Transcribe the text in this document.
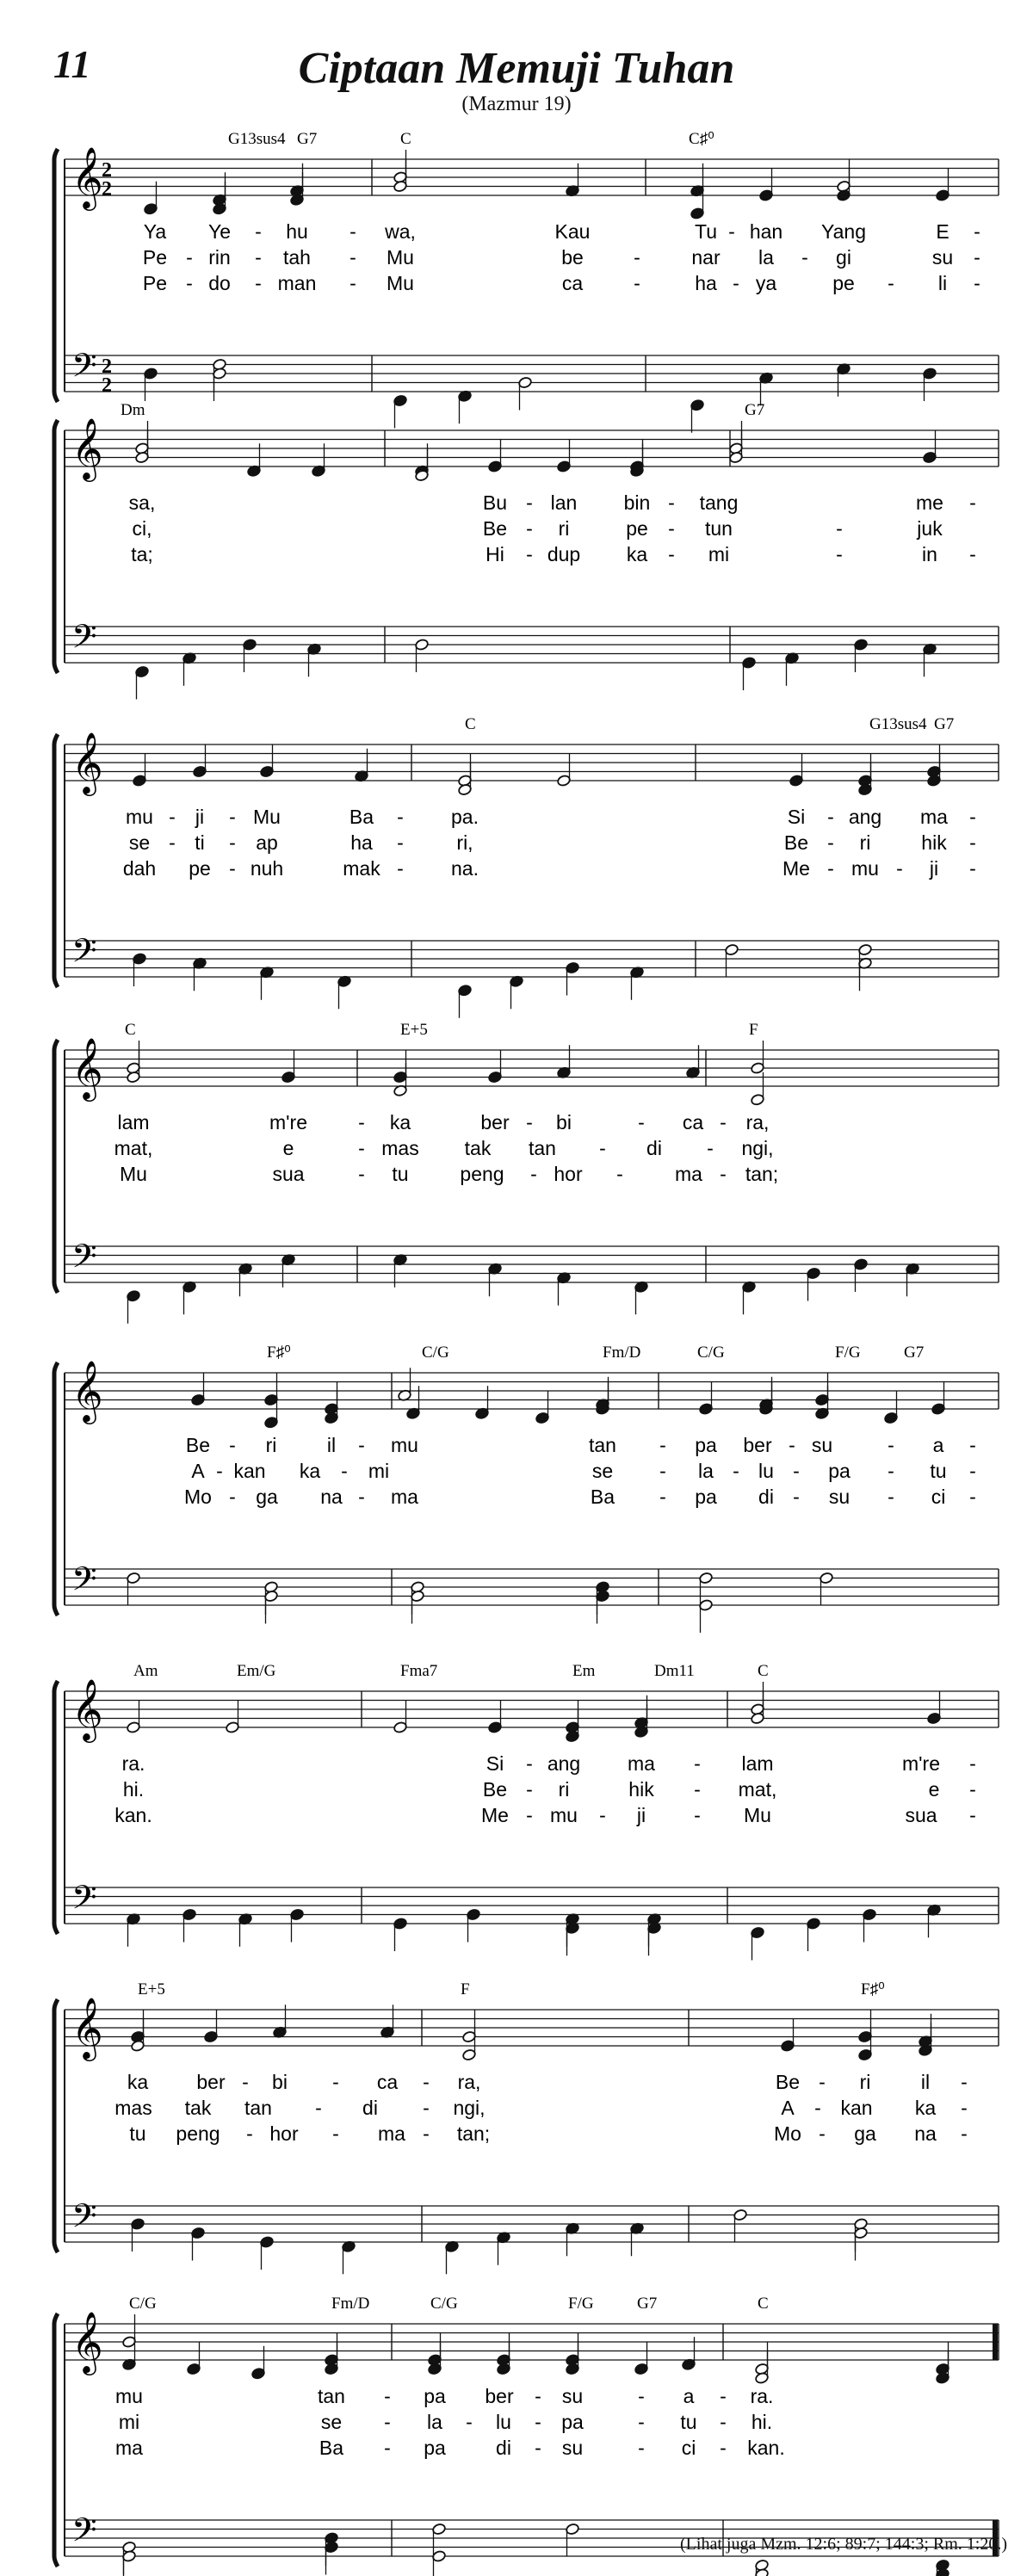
11	Ciptaan Memuji Tuhan
(Mazmur 19)
𝄞
𝄢
2
2
2
2
G13sus4 G7	C	C♯⁰
Ya Ye - hu - wa,	Kau	Tu - han Yang	E -
Pe - rin - tah - Mu	be	-	nar la - gi	su -
Pe - do - man - Mu	ca	-	ha - ya	pe - li -
𝄞
𝄢
Dm	G7
sa,	Bu - lan bin - tang	me -
ci,	Be - ri	pe - tun	-	juk
ta;	Hi - dup ka - mi	-	in -
𝄞
𝄢
C	G13sus4 G7
mu - ji - Mu	Ba - pa.	Si - ang ma -
se - ti - ap	ha -	ri,	Be - ri	hik -
dah pe - nuh	mak - na.	Me - mu - ji -
𝄞
𝄢
C	E+5	F
lam	m're	- ka	ber - bi	- ca - ra,
mat,	e	- mas tak tan - di - ngi,
Mu	sua	- tu	peng - hor -	ma - tan;
𝄞
𝄢
F♯⁰	C/G	Fm/D	C/G	F/G	G7
Be - ri	il - mu	tan - pa ber - su	- a -
A - kan ka - mi	se - la - lu - pa - tu -
Mo - ga na - ma	Ba - pa di - su - ci -
𝄞
𝄢
Am	Em/G	Fma7	Em	Dm11	C
ra.	Si - ang ma - lam	m're -
hi.	Be - ri	hik - mat,	e -
kan.	Me - mu - ji - Mu	sua -
𝄞
𝄢
E+5	F	F♯⁰
ka ber - bi - ca - ra,	Be - ri	il -
mas tak tan - di - ngi,	A - kan ka -
tu peng - hor - ma - tan;	Mo - ga na -
𝄞
𝄢
C/G	Fm/D	C/G	F/G	G7	C
mu	tan - pa ber - su	- a - ra.
mi	se - la - lu - pa	- tu - hi.
ma	Ba - pa	di - su	- ci - kan.
(Lihat juga Mzm. 12:6; 89:7; 144:3; Rm. 1:20.)
